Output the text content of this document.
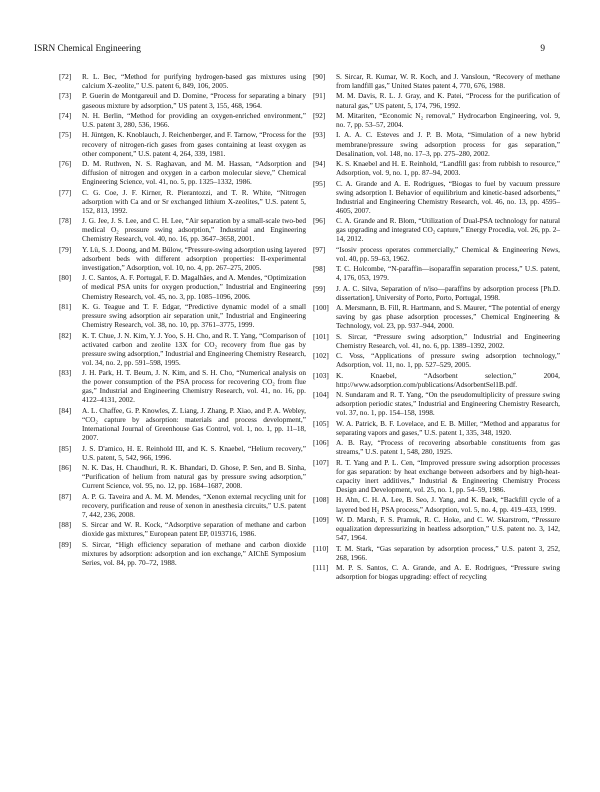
ISRN Chemical Engineering	9
[72] R. L. Bec, “Method for purifying hydrogen-based gas mixtures using calcium X-zeolite,” U.S. patent 6, 849, 106, 2005.
[73] P. Guerin de Montgareuil and D. Domine, “Process for separating a binary gaseous mixture by adsorption,” US patent 3, 155, 468, 1964.
[74] N. H. Berlin, “Method for providing an oxygen-enriched environment,” U.S. patent 3, 280, 536, 1966.
[75] H. Jüntgen, K. Knoblauch, J. Reichenberger, and F. Tarnow, “Process for the recovery of nitrogen-rich gases from gases containing at least oxygen as other component,” U.S. patent 4, 264, 339, 1981.
[76] D. M. Ruthven, N. S. Raghavan, and M. M. Hassan, “Adsorption and diffusion of nitrogen and oxygen in a carbon molecular sieve,” Chemical Engineering Science, vol. 41, no. 5, pp. 1325–1332, 1986.
[77] C. G. Coe, J. F. Kirner, R. Pierantozzi, and T. R. White, “Nitrogen adsorption with Ca and or Sr exchanged lithium X-zeolites,” U.S. patent 5, 152, 813, 1992.
[78] J. G. Jee, J. S. Lee, and C. H. Lee, “Air separation by a small-scale two-bed medical O₂ pressure swing adsorption,” Industrial and Engineering Chemistry Research, vol. 40, no. 16, pp. 3647–3658, 2001.
[79] Y. Lü, S. J. Doong, and M. Bülow, “Pressure-swing adsorption using layered adsorbent beds with different adsorption properties: II-experimental investigation,” Adsorption, vol. 10, no. 4, pp. 267–275, 2005.
[80] J. C. Santos, A. F. Portugal, F. D. Magalhães, and A. Mendes, “Optimization of medical PSA units for oxygen production,” Industrial and Engineering Chemistry Research, vol. 45, no. 3, pp. 1085–1096, 2006.
[81] K. G. Teague and T. F. Edgar, “Predictive dynamic model of a small pressure swing adsorption air separation unit,” Industrial and Engineering Chemistry Research, vol. 38, no. 10, pp. 3761–3775, 1999.
[82] K. T. Chue, J. N. Kim, Y. J. Yoo, S. H. Cho, and R. T. Yang, “Comparison of activated carbon and zeolite 13X for CO₂ recovery from flue gas by pressure swing adsorption,” Industrial and Engineering Chemistry Research, vol. 34, no. 2, pp. 591–598, 1995.
[83] J. H. Park, H. T. Beum, J. N. Kim, and S. H. Cho, “Numerical analysis on the power consumption of the PSA process for recovering CO₂ from flue gas,” Industrial and Engineering Chemistry Research, vol. 41, no. 16, pp. 4122–4131, 2002.
[84] A. L. Chaffee, G. P. Knowles, Z. Liang, J. Zhang, P. Xiao, and P. A. Webley, “CO₂ capture by adsorption: materials and process development,” International Journal of Greenhouse Gas Control, vol. 1, no. 1, pp. 11–18, 2007.
[85] J. S. D'amico, H. E. Reinhold III, and K. S. Knaebel, “Helium recovery,” U.S. patent, 5, 542, 966, 1996.
[86] N. K. Das, H. Chaudhuri, R. K. Bhandari, D. Ghose, P. Sen, and B. Sinha, “Purification of helium from natural gas by pressure swing adsorption,” Current Science, vol. 95, no. 12, pp. 1684–1687, 2008.
[87] A. P. G. Taveira and A. M. M. Mendes, “Xenon external recycling unit for recovery, purification and reuse of xenon in anesthesia circuits,” U.S. patent 7, 442, 236, 2008.
[88] S. Sircar and W. R. Kock, “Adsorptive separation of methane and carbon dioxide gas mixtures,” European patent EP, 0193716, 1986.
[89] S. Sircar, “High efficiency separation of methane and carbon dioxide mixtures by adsorption: adsorption and ion exchange,” AIChE Symposium Series, vol. 84, pp. 70–72, 1988.
[90] S. Sircar, R. Kumar, W. R. Koch, and J. Vansloun, “Recovery of methane from landfill gas,” United States patent 4, 770, 676, 1988.
[91] M. M. Davis, R. L. J. Gray, and K. Patei, “Process for the purification of natural gas,” US patent, 5, 174, 796, 1992.
[92] M. Mitariten, “Economic N₂ removal,” Hydrocarbon Engineering, vol. 9, no. 7, pp. 53–57, 2004.
[93] I. A. A. C. Esteves and J. P. B. Mota, “Simulation of a new hybrid membrane/pressure swing adsorption process for gas separation,” Desalination, vol. 148, no. 17–3, pp. 275–280, 2002.
[94] K. S. Knaebel and H. E. Reinhold, “Landfill gas: from rubbish to resource,” Adsorption, vol. 9, no. 1, pp. 87–94, 2003.
[95] C. A. Grande and A. E. Rodrigues, “Biogas to fuel by vacuum pressure swing adsorption I. Behavior of equilibrium and kinetic-based adsorbents,” Industrial and Engineering Chemistry Research, vol. 46, no. 13, pp. 4595–4605, 2007.
[96] C. A. Grande and R. Blom, “Utilization of Dual-PSA technology for natural gas upgrading and integrated CO₂ capture,” Energy Procedia, vol. 26, pp. 2–14, 2012.
[97] “Isosiv process operates commercially,” Chemical & Engineering News, vol. 40, pp. 59–63, 1962.
[98] T. C. Holcombe, “N-paraffin—isoparaffin separation process,” U.S. patent, 4, 176, 053, 1979.
[99] J. A. C. Silva, Separation of n/iso—paraffins by adsorption process [Ph.D. dissertation], University of Porto, Porto, Portugal, 1998.
[100] A. Mersmann, B. Fill, R. Hartmann, and S. Maurer, “The potential of energy saving by gas phase adsorption processes,” Chemical Engineering & Technology, vol. 23, pp. 937–944, 2000.
[101] S. Sircar, “Pressure swing adsorption,” Industrial and Engineering Chemistry Research, vol. 41, no. 6, pp. 1389–1392, 2002.
[102] C. Voss, “Applications of pressure swing adsorption technology,” Adsorption, vol. 11, no. 1, pp. 527–529, 2005.
[103] K. Knaebel, “Adsorbent selection,” 2004, http://www.adsorption.com/publications/AdsorbentSel1B.pdf.
[104] N. Sundaram and R. T. Yang, “On the pseudomultiplicity of pressure swing adsorption periodic states,” Industrial and Engineering Chemistry Research, vol. 37, no. 1, pp. 154–158, 1998.
[105] W. A. Patrick, B. F. Lovelace, and E. B. Miller, “Method and apparatus for separating vapors and gases,” U.S. patent 1, 335, 348, 1920.
[106] A. B. Ray, “Process of recovering absorbable constituents from gas streams,” U.S. patent 1, 548, 280, 1925.
[107] R. T. Yang and P. L. Cen, “Improved pressure swing adsorption processes for gas separation: by heat exchange between adsorbers and by high-heat-capacity inert additives,” Industrial & Engineering Chemistry Process Design and Development, vol. 25, no. 1, pp. 54–59, 1986.
[108] H. Ahn, C. H. A. Lee, B. Seo, J. Yang, and K. Baek, “Backfill cycle of a layered bed H₂ PSA process,” Adsorption, vol. 5, no. 4, pp. 419–433, 1999.
[109] W. D. Marsh, F. S. Pramuk, R. C. Hoke, and C. W. Skarstrom, “Pressure equalization depressurizing in heatless adsorption,” U.S. patent no. 3, 142, 547, 1964.
[110] T. M. Stark, “Gas separation by adsorption process,” U.S. patent 3, 252, 268, 1966.
[111] M. P. S. Santos, C. A. Grande, and A. E. Rodrigues, “Pressure swing adsorption for biogas upgrading: effect of recycling
